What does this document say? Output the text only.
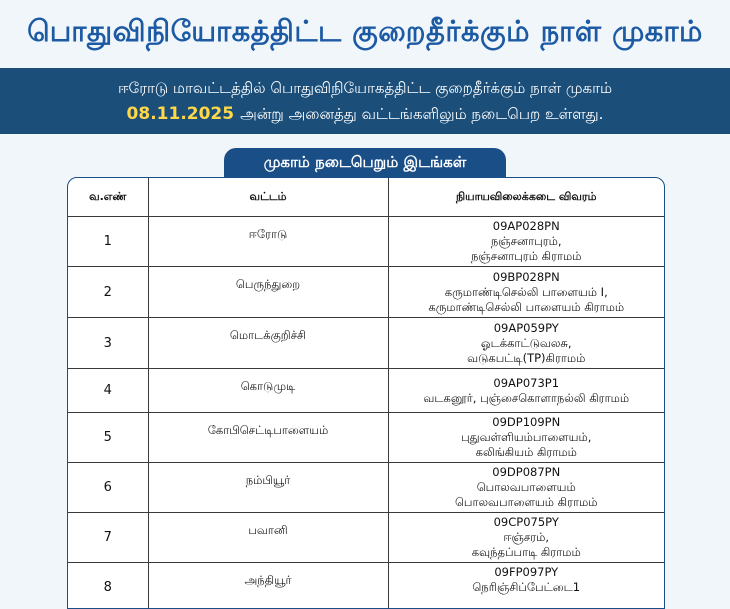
பொதுவிநியோகத்திட்ட குறைதீர்க்கும் நாள் முகாம்
ஈரோடு மாவட்டத்தில் பொதுவிநியோகத்திட்ட குறைதீர்க்கும் நாள் முகாம்
08.11.2025 அன்று அனைத்து வட்டங்களிலும் நடைபெற உள்ளது.
முகாம் நடைபெறும் இடங்கள்
வ.எண்	வட்டம்	நியாயவிலைக்கடை விவரம்
1	ஈரோடு	09AP028PN
நஞ்சனாபுரம்,
நஞ்சனாபுரம் கிராமம்

2	பெருந்துறை	09BP028PN
கருமாண்டிசெல்லி பாளையம் I,
கருமாண்டிசெல்லி பாளையம் கிராமம்

3	மொடக்குறிச்சி	09AP059PY
ஓடக்காட்டுவலசு,
வடுகபட்டி(TP)கிராமம்

4	கொடுமுடி	09AP073P1
வடகனூர், புஞ்சைகொளாநல்லி கிராமம்

5	கோபிசெட்டிபாளையம்	09DP109PN
புதுவள்ளியம்பாளையம்,
கலிங்கியம் கிராமம்

6	நம்பியூர்	09DP087PN
பொலவபாளையம்
பொலவபாளையம் கிராமம்

7	பவானி	09CP075PY
ஈஞ்சரம்,
கவுந்தப்பாடி கிராமம்

8	அந்தியூர்	09FP097PY
நெரிஞ்சிப்பேட்டை1
